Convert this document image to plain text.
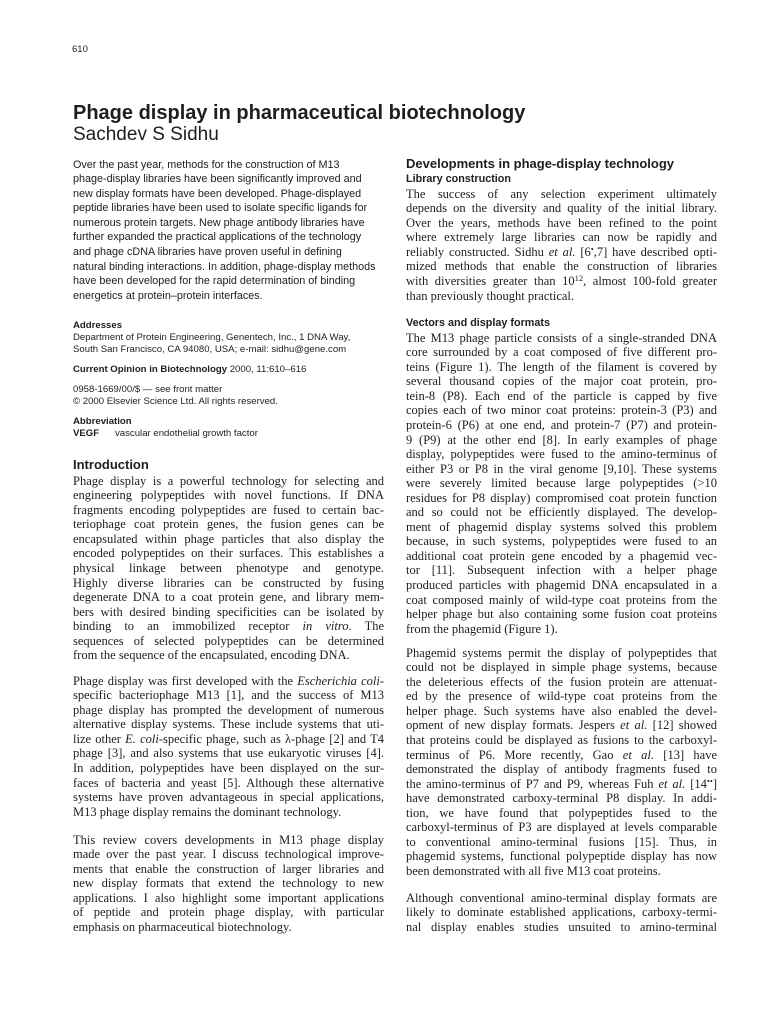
610
Phage display in pharmaceutical biotechnology
Sachdev S Sidhu
Over the past year, methods for the construction of M13
phage-display libraries have been significantly improved and
new display formats have been developed. Phage-displayed
peptide libraries have been used to isolate specific ligands for
numerous protein targets. New phage antibody libraries have
further expanded the practical applications of the technology
and phage cDNA libraries have proven useful in defining
natural binding interactions. In addition, phage-display methods
have been developed for the rapid determination of binding
energetics at protein–protein interfaces.
Addresses
Department of Protein Engineering, Genentech, Inc., 1 DNA Way,
South San Francisco, CA 94080, USA; e-mail: sidhu@gene.com
Current Opinion in Biotechnology 2000, 11:610–616
0958-1669/00/$ — see front matter
© 2000 Elsevier Science Ltd. All rights reserved.
Abbreviation
VEGF vascular endothelial growth factor
Introduction
Phage display is a powerful technology for selecting and
engineering polypeptides with novel functions. If DNA
fragments encoding polypeptides are fused to certain bac-
teriophage coat protein genes, the fusion genes can be
encapsulated within phage particles that also display the
encoded polypeptides on their surfaces. This establishes a
physical linkage between phenotype and genotype.
Highly diverse libraries can be constructed by fusing
degenerate DNA to a coat protein gene, and library mem-
bers with desired binding specificities can be isolated by
binding to an immobilized receptor in vitro. The
sequences of selected polypeptides can be determined
from the sequence of the encapsulated, encoding DNA.
Phage display was first developed with the Escherichia coli-
specific bacteriophage M13 [1], and the success of M13
phage display has prompted the development of numerous
alternative display systems. These include systems that uti-
lize other E. coli-specific phage, such as λ-phage [2] and T4
phage [3], and also systems that use eukaryotic viruses [4].
In addition, polypeptides have been displayed on the sur-
faces of bacteria and yeast [5]. Although these alternative
systems have proven advantageous in special applications,
M13 phage display remains the dominant technology.
This review covers developments in M13 phage display
made over the past year. I discuss technological improve-
ments that enable the construction of larger libraries and
new display formats that extend the technology to new
applications. I also highlight some important applications
of peptide and protein phage display, with particular
emphasis on pharmaceutical biotechnology.
Developments in phage-display technology
Library construction
The success of any selection experiment ultimately
depends on the diversity and quality of the initial library.
Over the years, methods have been refined to the point
where extremely large libraries can now be rapidly and
reliably constructed. Sidhu et al. [6•,7] have described opti-
mized methods that enable the construction of libraries
with diversities greater than $10^{12}$, almost 100-fold greater
than previously thought practical.
Vectors and display formats
The M13 phage particle consists of a single-stranded DNA
core surrounded by a coat composed of five different pro-
teins (Figure 1). The length of the filament is covered by
several thousand copies of the major coat protein, pro-
tein-8 (P8). Each end of the particle is capped by five
copies each of two minor coat proteins: protein-3 (P3) and
protein-6 (P6) at one end, and protein-7 (P7) and protein-
9 (P9) at the other end [8]. In early examples of phage
display, polypeptides were fused to the amino-terminus of
either P3 or P8 in the viral genome [9,10]. These systems
were severely limited because large polypeptides (>10
residues for P8 display) compromised coat protein function
and so could not be efficiently displayed. The develop-
ment of phagemid display systems solved this problem
because, in such systems, polypeptides were fused to an
additional coat protein gene encoded by a phagemid vec-
tor [11]. Subsequent infection with a helper phage
produced particles with phagemid DNA encapsulated in a
coat composed mainly of wild-type coat proteins from the
helper phage but also containing some fusion coat proteins
from the phagemid (Figure 1).
Phagemid systems permit the display of polypeptides that
could not be displayed in simple phage systems, because
the deleterious effects of the fusion protein are attenuat-
ed by the presence of wild-type coat proteins from the
helper phage. Such systems have also enabled the devel-
opment of new display formats. Jespers et al. [12] showed
that proteins could be displayed as fusions to the carboxyl-
terminus of P6. More recently, Gao et al. [13] have
demonstrated the display of antibody fragments fused to
the amino-terminus of P7 and P9, whereas Fuh et al. [14••]
have demonstrated carboxy-terminal P8 display. In addi-
tion, we have found that polypeptides fused to the
carboxyl-terminus of P3 are displayed at levels comparable
to conventional amino-terminal fusions [15]. Thus, in
phagemid systems, functional polypeptide display has now
been demonstrated with all five M13 coat proteins.
Although conventional amino-terminal display formats are
likely to dominate established applications, carboxy-termi-
nal display enables studies unsuited to amino-terminal
